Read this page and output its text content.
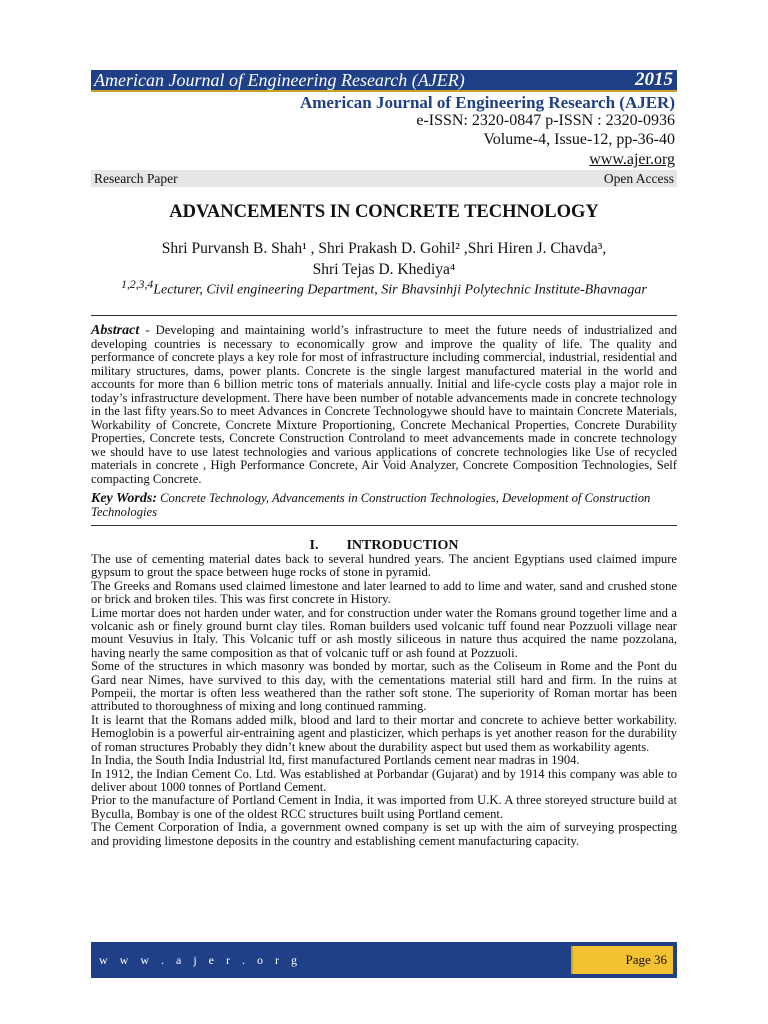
American Journal of Engineering Research (AJER)	2015
American Journal of Engineering Research (AJER)
e-ISSN: 2320-0847 p-ISSN : 2320-0936
Volume-4, Issue-12, pp-36-40
www.ajer.org
Research Paper	Open Access
ADVANCEMENTS IN CONCRETE TECHNOLOGY
Shri Purvansh B. Shah¹ , Shri Prakash D. Gohil² ,Shri Hiren J. Chavda³,
Shri Tejas D. Khediya⁴
$^{1,2,3,4}$Lecturer, Civil engineering Department, Sir Bhavsinhji Polytechnic Institute-Bhavnagar

Abstract - Developing and maintaining world’s infrastructure to meet the future needs of industrialized and developing countries is necessary to economically grow and improve the quality of life. The quality and performance of concrete plays a key role for most of infrastructure including commercial, industrial, residential and military structures, dams, power plants. Concrete is the single largest manufactured material in the world and accounts for more than 6 billion metric tons of materials annually. Initial and life-cycle costs play a major role in today’s infrastructure development. There have been number of notable advancements made in concrete technology in the last fifty years.So to meet Advances in Concrete Technologywe should have to maintain Concrete Materials, Workability of Concrete, Concrete Mixture Proportioning, Concrete Mechanical Properties, Concrete Durability Properties, Concrete tests, Concrete Construction Controland to meet advancements made in concrete technology we should have to use latest technologies and various applications of concrete technologies like Use of recycled materials in concrete , High Performance Concrete, Air Void Analyzer, Concrete Composition Technologies, Self compacting Concrete.

Key Words: Concrete Technology, Advancements in Construction Technologies, Development of Construction Technologies

I.        INTRODUCTION

The use of cementing material dates back to several hundred years. The ancient Egyptians used claimed impure gypsum to grout the space between huge rocks of stone in pyramid.

The Greeks and Romans used claimed limestone and later learned to add to lime and water, sand and crushed stone or brick and broken tiles. This was first concrete in History.

Lime mortar does not harden under water, and for construction under water the Romans ground together lime and a volcanic ash or finely ground burnt clay tiles. Roman builders used volcanic tuff found near Pozzuoli village near mount Vesuvius in Italy. This Volcanic tuff or ash mostly siliceous in nature thus acquired the name pozzolana, having nearly the same composition as that of volcanic tuff or ash found at Pozzuoli.

Some of the structures in which masonry was bonded by mortar, such as the Coliseum in Rome and the Pont du Gard near Nimes, have survived to this day, with the cementations material still hard and firm. In the ruins at Pompeii, the mortar is often less weathered than the rather soft stone. The superiority of Roman mortar has been attributed to thoroughness of mixing and long continued ramming.

It is learnt that the Romans added milk, blood and lard to their mortar and concrete to achieve better workability. Hemoglobin is a powerful air-entraining agent and plasticizer, which perhaps is yet another reason for the durability of roman structures Probably they didn’t knew about the durability aspect but used them as workability agents.

In India, the South India Industrial ltd, first manufactured Portlands cement near madras in 1904.

In 1912, the Indian Cement Co. Ltd. Was established at Porbandar (Gujarat) and by 1914 this company was able to deliver about 1000 tonnes of Portland Cement.

Prior to the manufacture of Portland Cement in India, it was imported from U.K. A three storeyed structure build at Byculla, Bombay is one of the oldest RCC structures built using Portland cement.

The Cement Corporation of India, a government owned company is set up with the aim of surveying prospecting and providing limestone deposits in the country and establishing cement manufacturing capacity.

w w w . a j e r . o r g	Page 36
